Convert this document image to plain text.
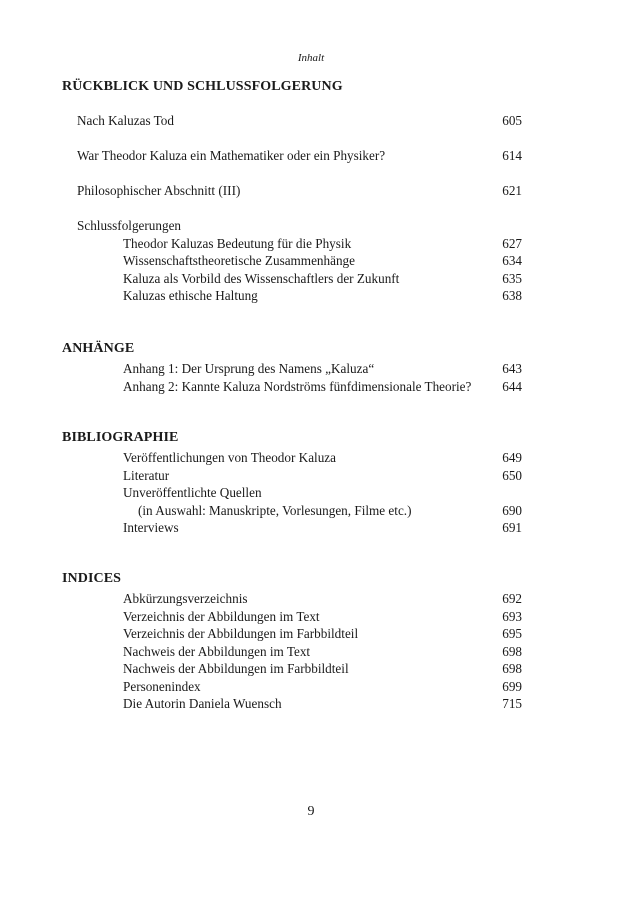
Inhalt
RÜCKBLICK UND SCHLUSSFOLGERUNG
Nach Kaluzas Tod	605
War Theodor Kaluza ein Mathematiker oder ein Physiker?	614
Philosophischer Abschnitt (III)	621
Schlussfolgerungen
Theodor Kaluzas Bedeutung für die Physik	627
Wissenschaftstheoretische Zusammenhänge	634
Kaluza als Vorbild des Wissenschaftlers der Zukunft	635
Kaluzas ethische Haltung	638
ANHÄNGE
Anhang 1: Der Ursprung des Namens „Kaluza“	643
Anhang 2: Kannte Kaluza Nordströms fünfdimensionale Theorie? 644
BIBLIOGRAPHIE
Veröffentlichungen von Theodor Kaluza	649
Literatur	650
Unveröffentlichte Quellen
(in Auswahl: Manuskripte, Vorlesungen, Filme etc.)	690
Interviews	691
INDICES
Abkürzungsverzeichnis	692
Verzeichnis der Abbildungen im Text	693
Verzeichnis der Abbildungen im Farbbildteil	695
Nachweis der Abbildungen im Text	698
Nachweis der Abbildungen im Farbbildteil	698
Personenindex	699
Die Autorin Daniela Wuensch	715
9
